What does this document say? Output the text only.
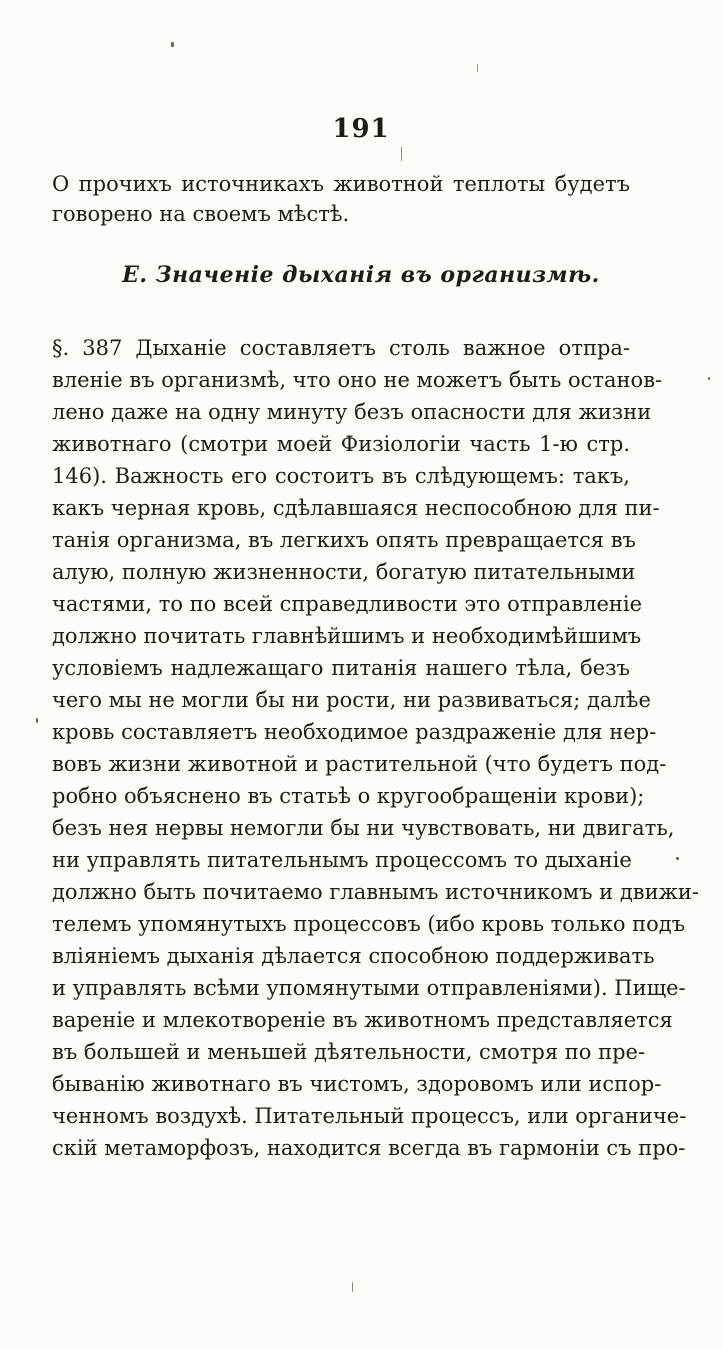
191
О прочихъ источникахъ животной теплоты будетъ
говорено на своемъ мѣстѣ.
Е. Значеніе дыханія въ организмѣ.
§. 387 Дыханіе составляетъ столь важное отпра-
вленіе въ организмѣ, что оно не можетъ быть останов-
лено даже на одну минуту безъ опасности для жизни
животнаго (смотри моей Физіологіи часть 1-ю стр.
146). Важность его состоитъ въ слѣдующемъ: такъ,
какъ черная кровь, сдѣлавшаяся неспособною для пи-
танія организма, въ легкихъ опять превращается въ
алую, полную жизненности, богатую питательными
частями, то по всей справедливости это отправленіе
должно почитать главнѣйшимъ и необходимѣйшимъ
условіемъ надлежащаго питанія нашего тѣла, безъ
чего мы не могли бы ни рости, ни развиваться; далѣе
кровь составляетъ необходимое раздраженіе для нер-
вовъ жизни животной и растительной (что будетъ под-
робно объяснено въ статьѣ о кругообращеніи крови);
безъ нея нервы немогли бы ни чувствовать, ни двигать,
ни управлять питательнымъ процессомъ то дыханіе
должно быть почитаемо главнымъ источникомъ и движи-
телемъ упомянутыхъ процессовъ (ибо кровь только подъ
вліяніемъ дыханія дѣлается способною поддерживать
и управлять всѣми упомянутыми отправленіями). Пище-
вареніе и млекотвореніе въ животномъ представляется
въ большей и меньшей дѣятельности, смотря по пре-
быванію животнаго въ чистомъ, здоровомъ или испор-
ченномъ воздухѣ. Питательный процессъ, или органиче-
скій метаморфозъ, находится всегда въ гармоніи съ про-
